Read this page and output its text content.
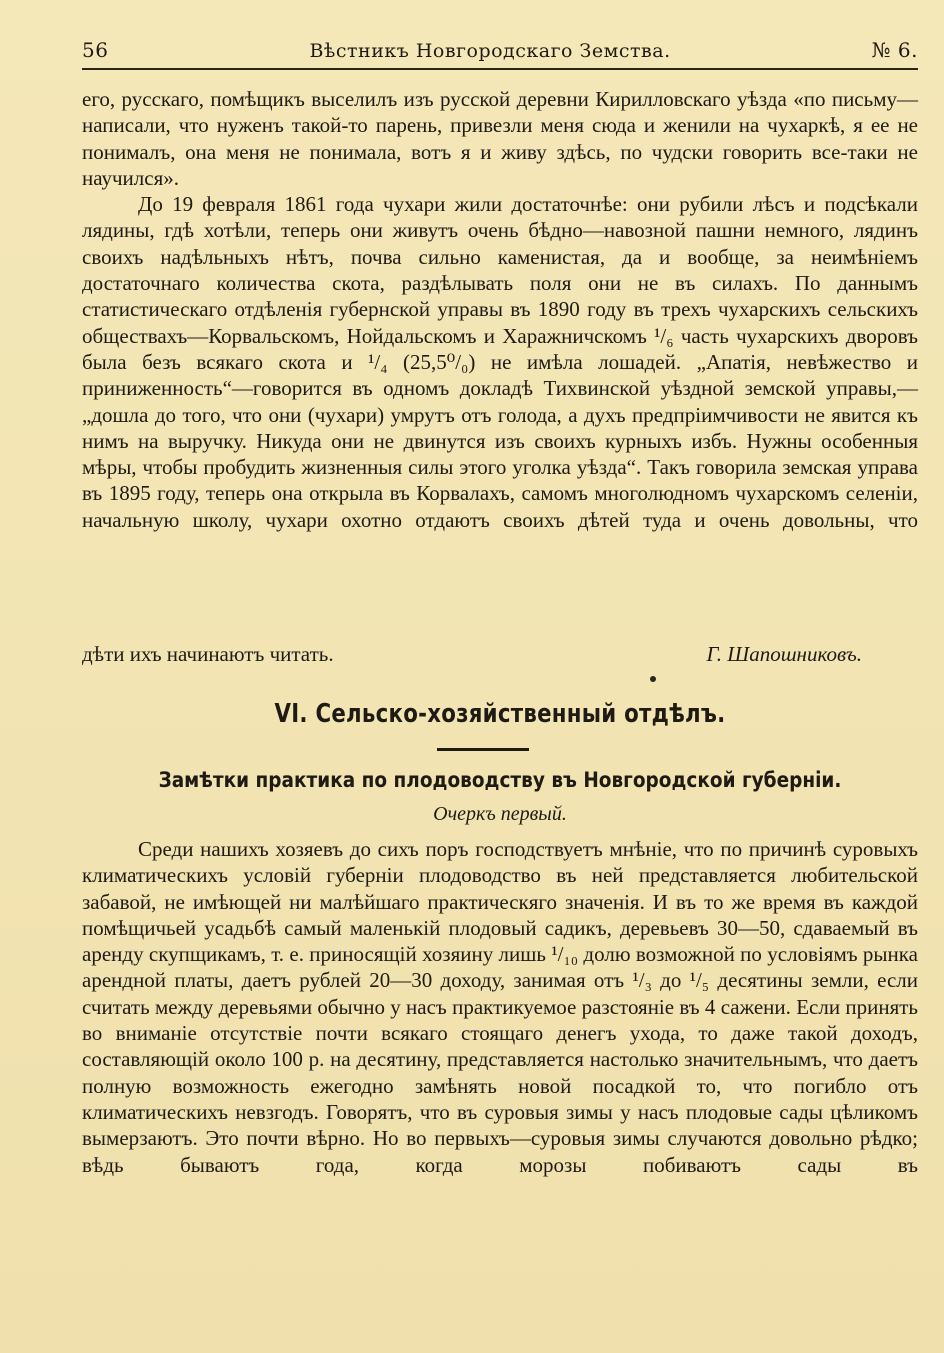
56	Вѣстникъ Новгородскаго Земства.	№ 6.

его, русскаго, помѣщикъ выселилъ изъ русской деревни Кирилловскаго уѣзда «по письму—написали, что нуженъ такой-то парень, привезли меня сюда и женили на чухаркѣ, я ее не понималъ, она меня не понимала, вотъ я и живу здѣсь, по чудски говорить все-таки не научился».

До 19 февраля 1861 года чухари жили достаточнѣе: они рубили лѣсъ и подсѣкали лядины, гдѣ хотѣли, теперь они живутъ очень бѣдно—навозной пашни немного, лядинъ своихъ надѣльныхъ нѣтъ, почва сильно каменистая, да и вообще, за неимѣніемъ достаточнаго количества скота, раздѣлывать поля они не въ силахъ. По даннымъ статистическаго отдѣленія губернской управы въ 1890 году въ трехъ чухарскихъ сельскихъ обществахъ—Корвальскомъ, Нойдальскомъ и Харажничскомъ ¹/₆ часть чухарскихъ дворовъ была безъ всякаго скота и ¹/₄ (25,5⁰/₀) не имѣла лошадей. „Апатія, невѣжество и приниженность“—говорится въ одномъ докладѣ Тихвинской уѣздной земской управы,—„дошла до того, что они (чухари) умрутъ отъ голода, а духъ предпріимчивости не явится къ нимъ на выручку. Никуда они не двинутся изъ своихъ курныхъ избъ. Нужны особенныя мѣры, чтобы пробудить жизненныя силы этого уголка уѣзда“. Такъ говорила земская управа въ 1895 году, теперь она открыла въ Корвалахъ, самомъ многолюдномъ чухарскомъ селеніи, начальную школу, чухари охотно отдаютъ своихъ дѣтей туда и очень довольны, что

дѣти ихъ начинаютъ читать.	Г. Шапошниковъ.
VI. Сельско-хозяйственный отдѣлъ.
Замѣтки практика по плодоводству въ Новгородской губерніи.
Очеркъ первый.

Среди нашихъ хозяевъ до сихъ поръ господствуетъ мнѣніе, что по причинѣ суровыхъ климатическихъ условій губерніи плодоводство въ ней представляется любительской забавой, не имѣющей ни малѣйшаго практическяго значенія. И въ то же время въ каждой помѣщичьей усадьбѣ самый маленькій плодовый садикъ, деревьевъ 30—50, сдаваемый въ аренду скупщикамъ, т. е. приносящій хозяину лишь ¹/₁₀ долю возможной по условіямъ рынка арендной платы, даетъ рублей 20—30 доходу, занимая отъ ¹/₃ до ¹/₅ десятины земли, если считать между деревьями обычно у насъ практикуемое разстояніе въ 4 сажени. Если принять во вниманіе отсутствіе почти всякаго стоящаго денегъ ухода, то даже такой доходъ, составляющій около 100 р. на десятину, представляется настолько значительнымъ, что даетъ полную возможность ежегодно замѣнять новой посадкой то, что погибло отъ климатическихъ невзгодъ. Говорятъ, что въ суровыя зимы у насъ плодовые сады цѣликомъ вымерзаютъ. Это почти вѣрно. Но во первыхъ—суровыя зимы случаются довольно рѣдко; вѣдь бываютъ года, когда морозы побиваютъ сады въ
